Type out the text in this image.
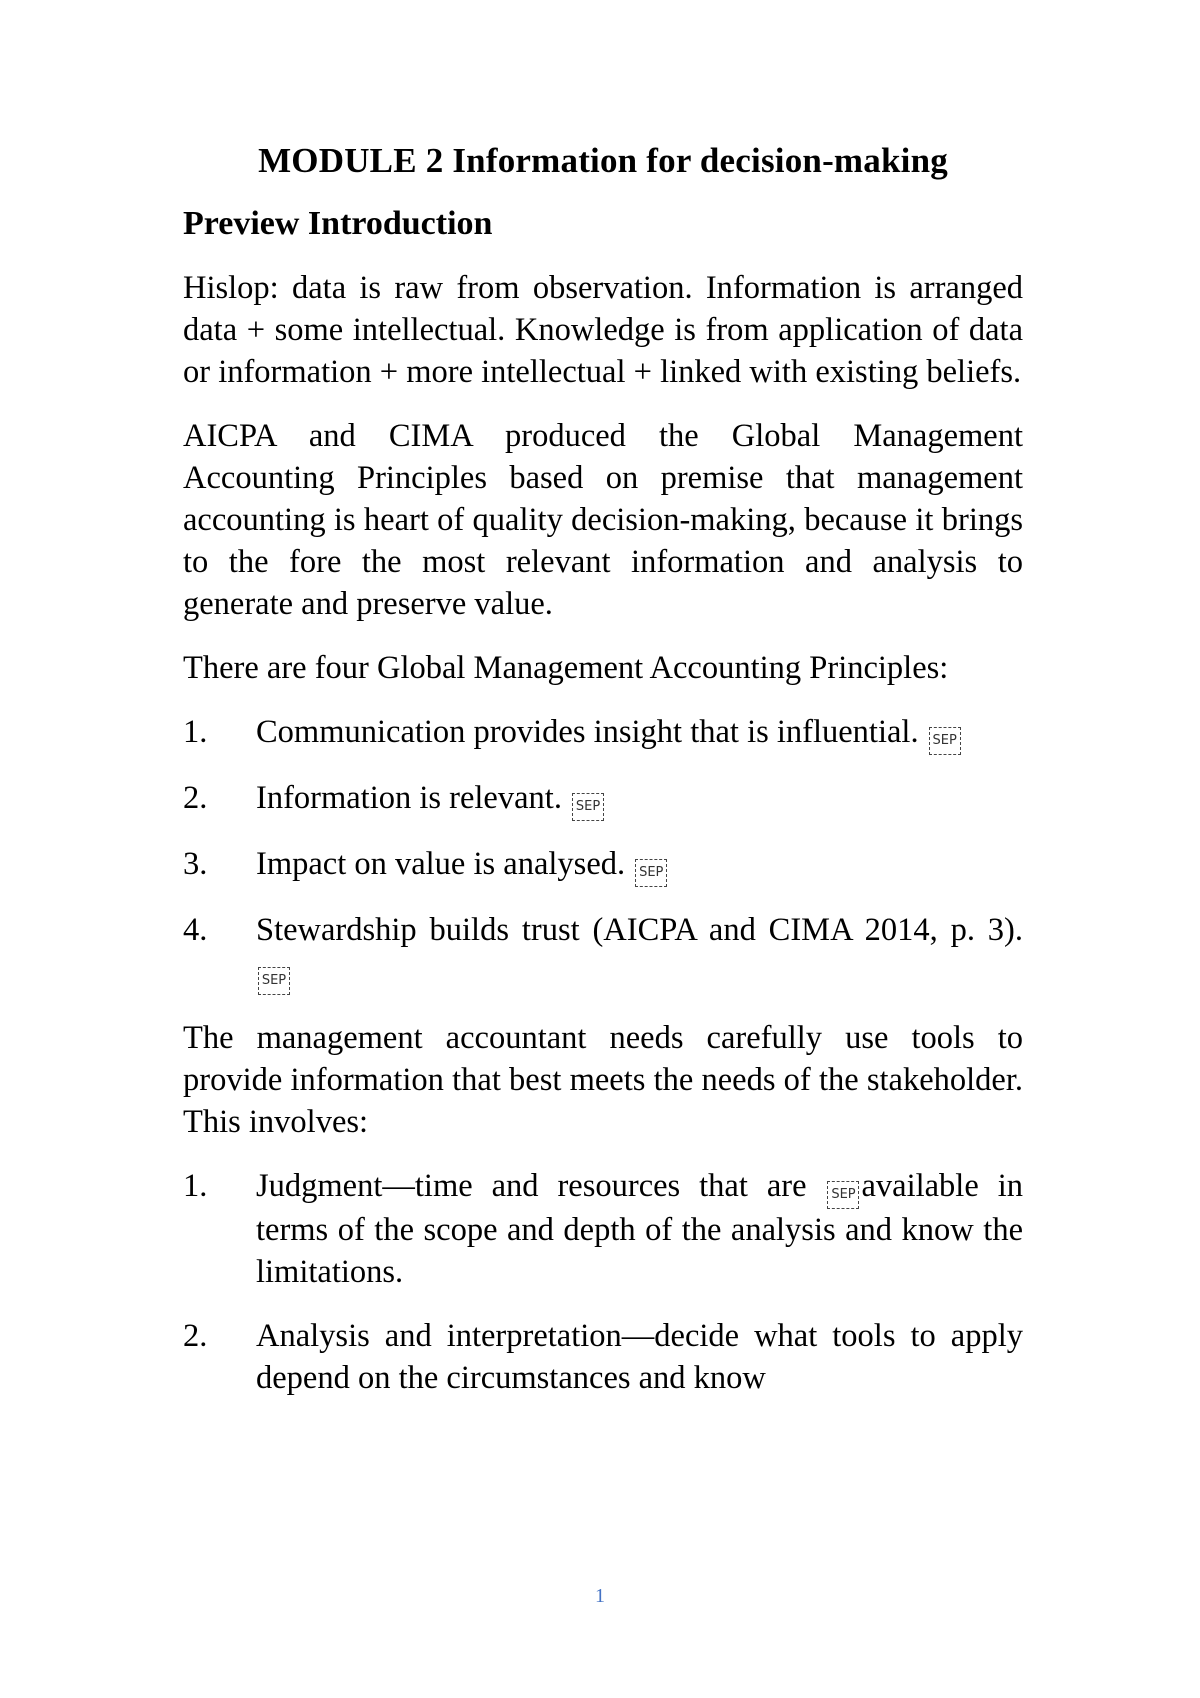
MODULE 2 Information for decision-making
Preview Introduction

Hislop: data is raw from observation. Information is arranged data + some intellectual. Knowledge is from application of data or information + more intellectual + linked with existing beliefs.

AICPA and CIMA produced the Global Management Accounting Principles based on premise that management accounting is heart of quality decision-making, because it brings to the fore the most relevant information and analysis to generate and preserve value.

There are four Global Management Accounting Principles:

1.	Communication provides insight that is influential. SEP
2.	Information is relevant. SEP
3.	Impact on value is analysed. SEP
4.	Stewardship builds trust (AICPA and CIMA 2014, p. 3). SEP

The management accountant needs carefully use tools to provide information that best meets the needs of the stakeholder. This involves:

1.	Judgment—time and resources that are SEP available in terms of the scope and depth of the analysis and know the limitations.
2.	Analysis and interpretation—decide what tools to apply depend on the circumstances and know
1
